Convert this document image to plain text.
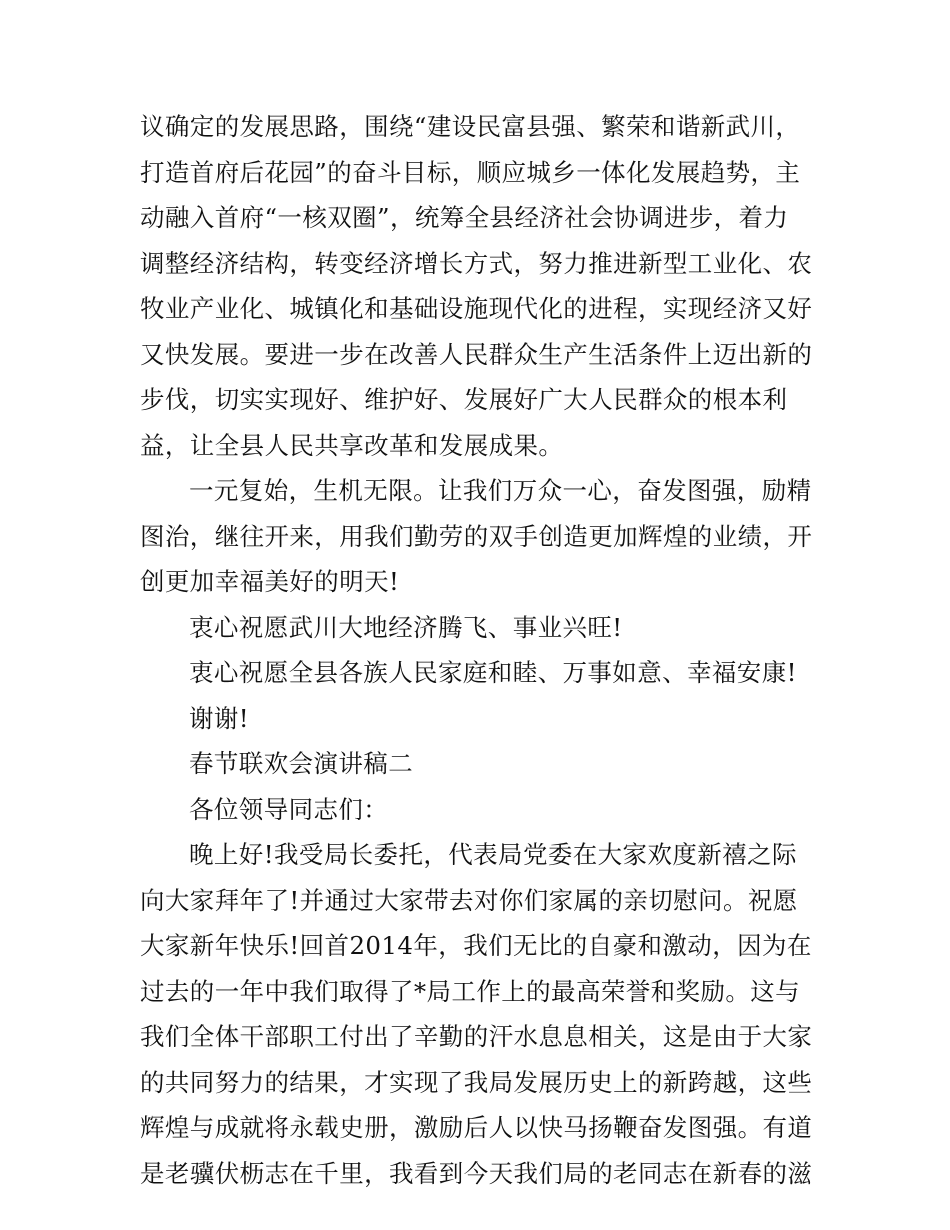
议确定的发展思路，围绕“建设民富县强、繁荣和谐新武川，
打造首府后花园”的奋斗目标，顺应城乡一体化发展趋势，主
动融入首府“一核双圈”，统筹全县经济社会协调进步，着力
调整经济结构，转变经济增长方式，努力推进新型工业化、农
牧业产业化、城镇化和基础设施现代化的进程，实现经济又好
又快发展。要进一步在改善人民群众生产生活条件上迈出新的
步伐，切实实现好、维护好、发展好广大人民群众的根本利
益，让全县人民共享改革和发展成果。
一元复始，生机无限。让我们万众一心，奋发图强，励精
图治，继往开来，用我们勤劳的双手创造更加辉煌的业绩，开
创更加幸福美好的明天!
衷心祝愿武川大地经济腾飞、事业兴旺!
衷心祝愿全县各族人民家庭和睦、万事如意、幸福安康!
谢谢!
春节联欢会演讲稿二
各位领导同志们：
晚上好!我受局长委托，代表局党委在大家欢度新禧之际
向大家拜年了!并通过大家带去对你们家属的亲切慰问。祝愿
大家新年快乐!回首2014年，我们无比的自豪和激动，因为在
过去的一年中我们取得了*局工作上的最高荣誉和奖励。这与
我们全体干部职工付出了辛勤的汗水息息相关，这是由于大家
的共同努力的结果，才实现了我局发展历史上的新跨越，这些
辉煌与成就将永载史册，激励后人以快马扬鞭奋发图强。有道
是老骥伏枥志在千里，我看到今天我们局的老同志在新春的滋
